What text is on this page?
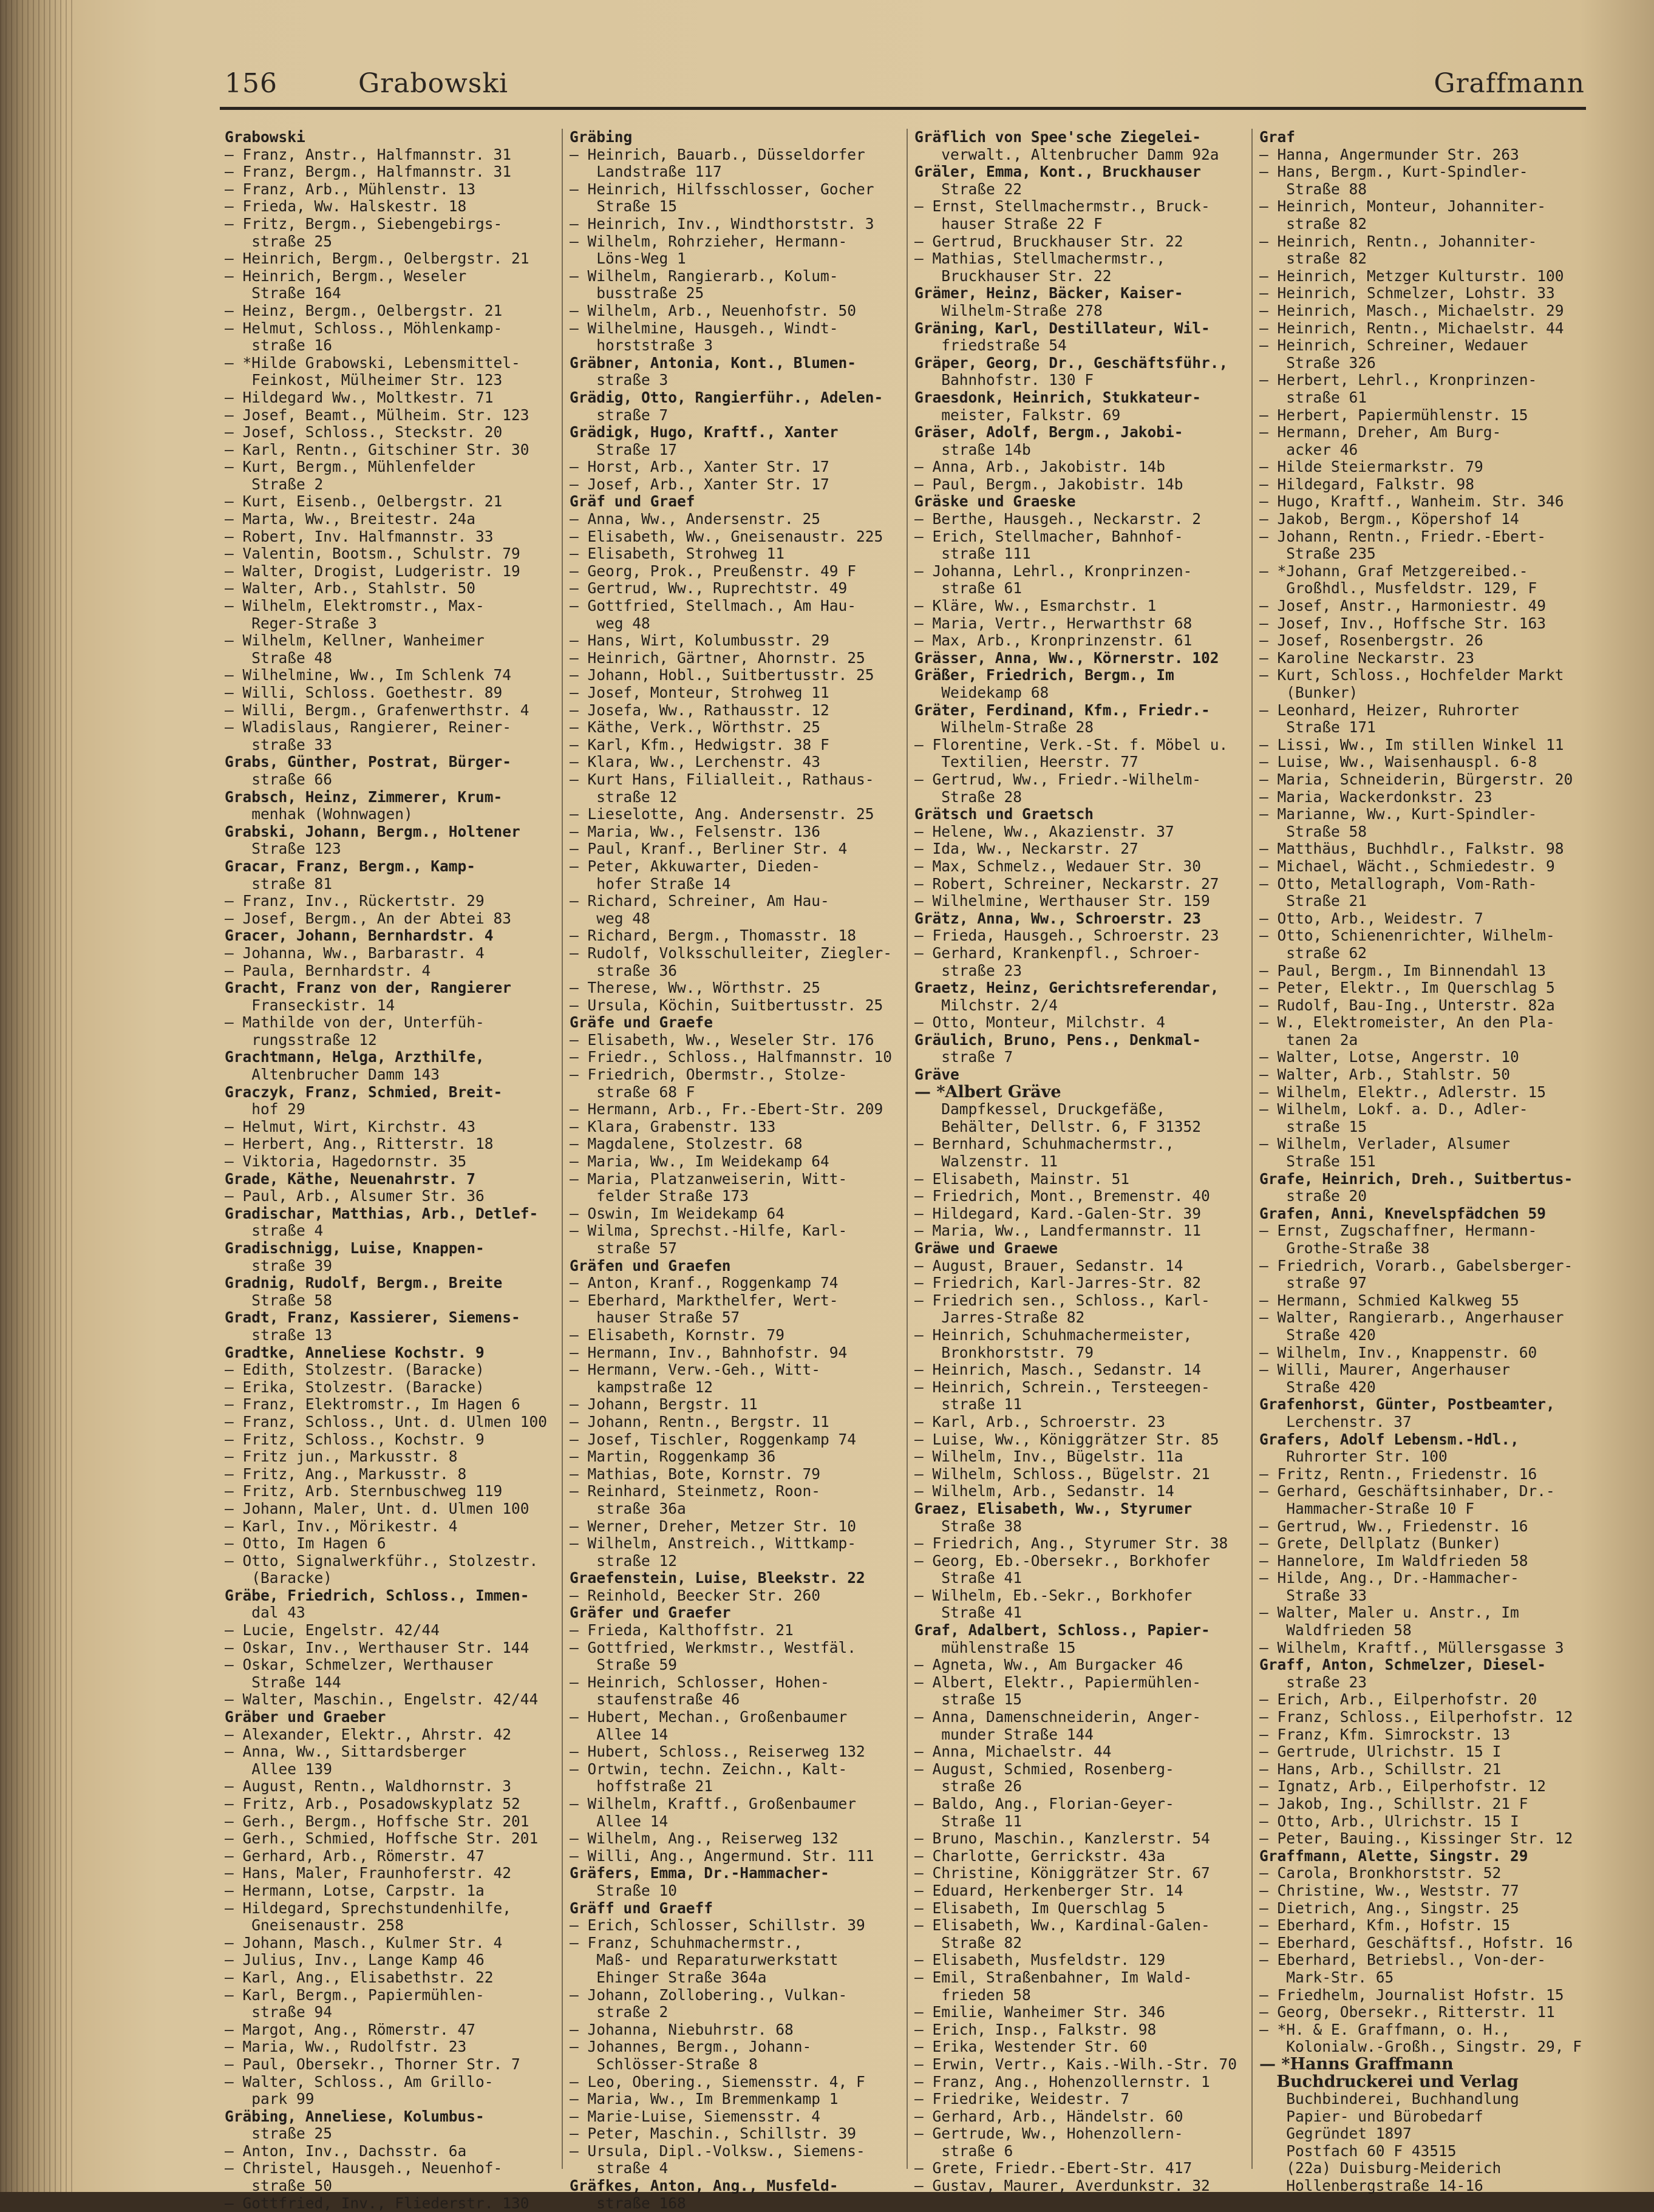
156	Grabowski	Graffmann
Grabowski
— Franz, Anstr., Halfmannstr. 31
— Franz, Bergm., Halfmannstr. 31
— Franz, Arb., Mühlenstr. 13
— Frieda, Ww. Halskestr. 18
— Fritz, Bergm., Siebengebirgs-
straße 25
— Heinrich, Bergm., Oelbergstr. 21
— Heinrich, Bergm., Weseler
Straße 164
— Heinz, Bergm., Oelbergstr. 21
— Helmut, Schloss., Möhlenkamp-
straße 16
— *Hilde Grabowski, Lebensmittel-
Feinkost, Mülheimer Str. 123
— Hildegard Ww., Moltkestr. 71
— Josef, Beamt., Mülheim. Str. 123
— Josef, Schloss., Steckstr. 20
— Karl, Rentn., Gitschiner Str. 30
— Kurt, Bergm., Mühlenfelder
Straße 2
— Kurt, Eisenb., Oelbergstr. 21
— Marta, Ww., Breitestr. 24a
— Robert, Inv. Halfmannstr. 33
— Valentin, Bootsm., Schulstr. 79
— Walter, Drogist, Ludgeristr. 19
— Walter, Arb., Stahlstr. 50
— Wilhelm, Elektromstr., Max-
Reger-Straße 3
— Wilhelm, Kellner, Wanheimer
Straße 48
— Wilhelmine, Ww., Im Schlenk 74
— Willi, Schloss. Goethestr. 89
— Willi, Bergm., Grafenwerthstr. 4
— Wladislaus, Rangierer, Reiner-
straße 33
Grabs, Günther, Postrat, Bürger-
straße 66
Grabsch, Heinz, Zimmerer, Krum-
menhak (Wohnwagen)
Grabski, Johann, Bergm., Holtener
Straße 123
Gracar, Franz, Bergm., Kamp-
straße 81
— Franz, Inv., Rückertstr. 29
— Josef, Bergm., An der Abtei 83
Gracer, Johann, Bernhardstr. 4
— Johanna, Ww., Barbarastr. 4
— Paula, Bernhardstr. 4
Gracht, Franz von der, Rangierer
Franseckistr. 14
— Mathilde von der, Unterfüh-
rungsstraße 12
Grachtmann, Helga, Arzthilfe,
Altenbrucher Damm 143
Graczyk, Franz, Schmied, Breit-
hof 29
— Helmut, Wirt, Kirchstr. 43
— Herbert, Ang., Ritterstr. 18
— Viktoria, Hagedornstr. 35
Grade, Käthe, Neuenahrstr. 7
— Paul, Arb., Alsumer Str. 36
Gradischar, Matthias, Arb., Detlef-
straße 4
Gradischnigg, Luise, Knappen-
straße 39
Gradnig, Rudolf, Bergm., Breite
Straße 58
Gradt, Franz, Kassierer, Siemens-
straße 13
Gradtke, Anneliese Kochstr. 9
— Edith, Stolzestr. (Baracke)
— Erika, Stolzestr. (Baracke)
— Franz, Elektromstr., Im Hagen 6
— Franz, Schloss., Unt. d. Ulmen 100
— Fritz, Schloss., Kochstr. 9
— Fritz jun., Markusstr. 8
— Fritz, Ang., Markusstr. 8
— Fritz, Arb. Sternbuschweg 119
— Johann, Maler, Unt. d. Ulmen 100
— Karl, Inv., Mörikestr. 4
— Otto, Im Hagen 6
— Otto, Signalwerkführ., Stolzestr.
(Baracke)
Gräbe, Friedrich, Schloss., Immen-
dal 43
— Lucie, Engelstr. 42/44
— Oskar, Inv., Werthauser Str. 144
— Oskar, Schmelzer, Werthauser
Straße 144
— Walter, Maschin., Engelstr. 42/44
Gräber und Graeber
— Alexander, Elektr., Ahrstr. 42
— Anna, Ww., Sittardsberger
Allee 139
— August, Rentn., Waldhornstr. 3
— Fritz, Arb., Posadowskyplatz 52
— Gerh., Bergm., Hoffsche Str. 201
— Gerh., Schmied, Hoffsche Str. 201
— Gerhard, Arb., Römerstr. 47
— Hans, Maler, Fraunhoferstr. 42
— Hermann, Lotse, Carpstr. 1a
— Hildegard, Sprechstundenhilfe,
Gneisenaustr. 258
— Johann, Masch., Kulmer Str. 4
— Julius, Inv., Lange Kamp 46
— Karl, Ang., Elisabethstr. 22
— Karl, Bergm., Papiermühlen-
straße 94
— Margot, Ang., Römerstr. 47
— Maria, Ww., Rudolfstr. 23
— Paul, Obersekr., Thorner Str. 7
— Walter, Schloss., Am Grillo-
park 99
Gräbing, Anneliese, Kolumbus-
straße 25
— Anton, Inv., Dachsstr. 6a
— Christel, Hausgeh., Neuenhof-
straße 50
— Gottfried, Inv., Fliederstr. 130
Gräbing
— Heinrich, Bauarb., Düsseldorfer
Landstraße 117
— Heinrich, Hilfsschlosser, Gocher
Straße 15
— Heinrich, Inv., Windthorststr. 3
— Wilhelm, Rohrzieher, Hermann-
Löns-Weg 1
— Wilhelm, Rangierarb., Kolum-
busstraße 25
— Wilhelm, Arb., Neuenhofstr. 50
— Wilhelmine, Hausgeh., Windt-
horststraße 3
Gräbner, Antonia, Kont., Blumen-
straße 3
Grädig, Otto, Rangierführ., Adelen-
straße 7
Grädigk, Hugo, Kraftf., Xanter
Straße 17
— Horst, Arb., Xanter Str. 17
— Josef, Arb., Xanter Str. 17
Gräf und Graef
— Anna, Ww., Andersenstr. 25
— Elisabeth, Ww., Gneisenaustr. 225
— Elisabeth, Strohweg 11
— Georg, Prok., Preußenstr. 49 F
— Gertrud, Ww., Ruprechtstr. 49
— Gottfried, Stellmach., Am Hau-
weg 48
— Hans, Wirt, Kolumbusstr. 29
— Heinrich, Gärtner, Ahornstr. 25
— Johann, Hobl., Suitbertusstr. 25
— Josef, Monteur, Strohweg 11
— Josefa, Ww., Rathausstr. 12
— Käthe, Verk., Wörthstr. 25
— Karl, Kfm., Hedwigstr. 38 F
— Klara, Ww., Lerchenstr. 43
— Kurt Hans, Filialleit., Rathaus-
straße 12
— Lieselotte, Ang. Andersenstr. 25
— Maria, Ww., Felsenstr. 136
— Paul, Kranf., Berliner Str. 4
— Peter, Akkuwarter, Dieden-
hofer Straße 14
— Richard, Schreiner, Am Hau-
weg 48
— Richard, Bergm., Thomasstr. 18
— Rudolf, Volksschulleiter, Ziegler-
straße 36
— Therese, Ww., Wörthstr. 25
— Ursula, Köchin, Suitbertusstr. 25
Gräfe und Graefe
— Elisabeth, Ww., Weseler Str. 176
— Friedr., Schloss., Halfmannstr. 10
— Friedrich, Obermstr., Stolze-
straße 68 F
— Hermann, Arb., Fr.-Ebert-Str. 209
— Klara, Grabenstr. 133
— Magdalene, Stolzestr. 68
— Maria, Ww., Im Weidekamp 64
— Maria, Platzanweiserin, Witt-
felder Straße 173
— Oswin, Im Weidekamp 64
— Wilma, Sprechst.-Hilfe, Karl-
straße 57
Gräfen und Graefen
— Anton, Kranf., Roggenkamp 74
— Eberhard, Markthelfer, Wert-
hauser Straße 57
— Elisabeth, Kornstr. 79
— Hermann, Inv., Bahnhofstr. 94
— Hermann, Verw.-Geh., Witt-
kampstraße 12
— Johann, Bergstr. 11
— Johann, Rentn., Bergstr. 11
— Josef, Tischler, Roggenkamp 74
— Martin, Roggenkamp 36
— Mathias, Bote, Kornstr. 79
— Reinhard, Steinmetz, Roon-
straße 36a
— Werner, Dreher, Metzer Str. 10
— Wilhelm, Anstreich., Wittkamp-
straße 12
Graefenstein, Luise, Bleekstr. 22
— Reinhold, Beecker Str. 260
Gräfer und Graefer
— Frieda, Kalthoffstr. 21
— Gottfried, Werkmstr., Westfäl.
Straße 59
— Heinrich, Schlosser, Hohen-
staufenstraße 46
— Hubert, Mechan., Großenbaumer
Allee 14
— Hubert, Schloss., Reiserweg 132
— Ortwin, techn. Zeichn., Kalt-
hoffstraße 21
— Wilhelm, Kraftf., Großenbaumer
Allee 14
— Wilhelm, Ang., Reiserweg 132
— Willi, Ang., Angermund. Str. 111
Gräfers, Emma, Dr.-Hammacher-
Straße 10
Gräff und Graeff
— Erich, Schlosser, Schillstr. 39
— Franz, Schuhmachermstr.,
Maß- und Reparaturwerkstatt
Ehinger Straße 364a
— Johann, Zollobering., Vulkan-
straße 2
— Johanna, Niebuhrstr. 68
— Johannes, Bergm., Johann-
Schlösser-Straße 8
— Leo, Obering., Siemensstr. 4, F
— Maria, Ww., Im Bremmenkamp 1
— Marie-Luise, Siemensstr. 4
— Peter, Maschin., Schillstr. 39
— Ursula, Dipl.-Volksw., Siemens-
straße 4
Gräfkes, Anton, Ang., Musfeld-
straße 168
Gräflich von Spee'sche Ziegelei-
verwalt., Altenbrucher Damm 92a
Gräler, Emma, Kont., Bruckhauser
Straße 22
— Ernst, Stellmachermstr., Bruck-
hauser Straße 22 F
— Gertrud, Bruckhauser Str. 22
— Mathias, Stellmachermstr.,
Bruckhauser Str. 22
Grämer, Heinz, Bäcker, Kaiser-
Wilhelm-Straße 278
Gräning, Karl, Destillateur, Wil-
friedstraße 54
Gräper, Georg, Dr., Geschäftsführ.,
Bahnhofstr. 130 F
Graesdonk, Heinrich, Stukkateur-
meister, Falkstr. 69
Gräser, Adolf, Bergm., Jakobi-
straße 14b
— Anna, Arb., Jakobistr. 14b
— Paul, Bergm., Jakobistr. 14b
Gräske und Graeske
— Berthe, Hausgeh., Neckarstr. 2
— Erich, Stellmacher, Bahnhof-
straße 111
— Johanna, Lehrl., Kronprinzen-
straße 61
— Kläre, Ww., Esmarchstr. 1
— Maria, Vertr., Herwarthstr 68
— Max, Arb., Kronprinzenstr. 61
Grässer, Anna, Ww., Körnerstr. 102
Gräßer, Friedrich, Bergm., Im
Weidekamp 68
Gräter, Ferdinand, Kfm., Friedr.-
Wilhelm-Straße 28
— Florentine, Verk.-St. f. Möbel u.
Textilien, Heerstr. 77
— Gertrud, Ww., Friedr.-Wilhelm-
Straße 28
Grätsch und Graetsch
— Helene, Ww., Akazienstr. 37
— Ida, Ww., Neckarstr. 27
— Max, Schmelz., Wedauer Str. 30
— Robert, Schreiner, Neckarstr. 27
— Wilhelmine, Werthauser Str. 159
Grätz, Anna, Ww., Schroerstr. 23
— Frieda, Hausgeh., Schroerstr. 23
— Gerhard, Krankenpfl., Schroer-
straße 23
Graetz, Heinz, Gerichtsreferendar,
Milchstr. 2/4
— Otto, Monteur, Milchstr. 4
Gräulich, Bruno, Pens., Denkmal-
straße 7
Gräve
— *Albert Gräve
Dampfkessel, Druckgefäße,
Behälter, Dellstr. 6, F 31352
— Bernhard, Schuhmachermstr.,
Walzenstr. 11
— Elisabeth, Mainstr. 51
— Friedrich, Mont., Bremenstr. 40
— Hildegard, Kard.-Galen-Str. 39
— Maria, Ww., Landfermannstr. 11
Gräwe und Graewe
— August, Brauer, Sedanstr. 14
— Friedrich, Karl-Jarres-Str. 82
— Friedrich sen., Schloss., Karl-
Jarres-Straße 82
— Heinrich, Schuhmachermeister,
Bronkhorststr. 79
— Heinrich, Masch., Sedanstr. 14
— Heinrich, Schrein., Tersteegen-
straße 11
— Karl, Arb., Schroerstr. 23
— Luise, Ww., Königgrätzer Str. 85
— Wilhelm, Inv., Bügelstr. 11a
— Wilhelm, Schloss., Bügelstr. 21
— Wilhelm, Arb., Sedanstr. 14
Graez, Elisabeth, Ww., Styrumer
Straße 38
— Friedrich, Ang., Styrumer Str. 38
— Georg, Eb.-Obersekr., Borkhofer
Straße 41
— Wilhelm, Eb.-Sekr., Borkhofer
Straße 41
Graf, Adalbert, Schloss., Papier-
mühlenstraße 15
— Agneta, Ww., Am Burgacker 46
— Albert, Elektr., Papiermühlen-
straße 15
— Anna, Damenschneiderin, Anger-
munder Straße 144
— Anna, Michaelstr. 44
— August, Schmied, Rosenberg-
straße 26
— Baldo, Ang., Florian-Geyer-
Straße 11
— Bruno, Maschin., Kanzlerstr. 54
— Charlotte, Gerrickstr. 43a
— Christine, Königgrätzer Str. 67
— Eduard, Herkenberger Str. 14
— Elisabeth, Im Querschlag 5
— Elisabeth, Ww., Kardinal-Galen-
Straße 82
— Elisabeth, Musfeldstr. 129
— Emil, Straßenbahner, Im Wald-
frieden 58
— Emilie, Wanheimer Str. 346
— Erich, Insp., Falkstr. 98
— Erika, Westender Str. 60
— Erwin, Vertr., Kais.-Wilh.-Str. 70
— Franz, Ang., Hohenzollernstr. 1
— Friedrike, Weidestr. 7
— Gerhard, Arb., Händelstr. 60
— Gertrude, Ww., Hohenzollern-
straße 6
— Grete, Friedr.-Ebert-Str. 417
— Gustav, Maurer, Averdunkstr. 32
Graf
— Hanna, Angermunder Str. 263
— Hans, Bergm., Kurt-Spindler-
Straße 88
— Heinrich, Monteur, Johanniter-
straße 82
— Heinrich, Rentn., Johanniter-
straße 82
— Heinrich, Metzger Kulturstr. 100
— Heinrich, Schmelzer, Lohstr. 33
— Heinrich, Masch., Michaelstr. 29
— Heinrich, Rentn., Michaelstr. 44
— Heinrich, Schreiner, Wedauer
Straße 326
— Herbert, Lehrl., Kronprinzen-
straße 61
— Herbert, Papiermühlenstr. 15
— Hermann, Dreher, Am Burg-
acker 46
— Hilde Steiermarkstr. 79
— Hildegard, Falkstr. 98
— Hugo, Kraftf., Wanheim. Str. 346
— Jakob, Bergm., Köpershof 14
— Johann, Rentn., Friedr.-Ebert-
Straße 235
— *Johann, Graf Metzgereibed.-
Großhdl., Musfeldstr. 129, F
— Josef, Anstr., Harmoniestr. 49
— Josef, Inv., Hoffsche Str. 163
— Josef, Rosenbergstr. 26
— Karoline Neckarstr. 23
— Kurt, Schloss., Hochfelder Markt
(Bunker)
— Leonhard, Heizer, Ruhrorter
Straße 171
— Lissi, Ww., Im stillen Winkel 11
— Luise, Ww., Waisenhauspl. 6-8
— Maria, Schneiderin, Bürgerstr. 20
— Maria, Wackerdonkstr. 23
— Marianne, Ww., Kurt-Spindler-
Straße 58
— Matthäus, Buchhdlr., Falkstr. 98
— Michael, Wächt., Schmiedestr. 9
— Otto, Metallograph, Vom-Rath-
Straße 21
— Otto, Arb., Weidestr. 7
— Otto, Schienenrichter, Wilhelm-
straße 62
— Paul, Bergm., Im Binnendahl 13
— Peter, Elektr., Im Querschlag 5
— Rudolf, Bau-Ing., Unterstr. 82a
— W., Elektromeister, An den Pla-
tanen 2a
— Walter, Lotse, Angerstr. 10
— Walter, Arb., Stahlstr. 50
— Wilhelm, Elektr., Adlerstr. 15
— Wilhelm, Lokf. a. D., Adler-
straße 15
— Wilhelm, Verlader, Alsumer
Straße 151
Grafe, Heinrich, Dreh., Suitbertus-
straße 20
Grafen, Anni, Knevelspfädchen 59
— Ernst, Zugschaffner, Hermann-
Grothe-Straße 38
— Friedrich, Vorarb., Gabelsberger-
straße 97
— Hermann, Schmied Kalkweg 55
— Walter, Rangierarb., Angerhauser
Straße 420
— Wilhelm, Inv., Knappenstr. 60
— Willi, Maurer, Angerhauser
Straße 420
Grafenhorst, Günter, Postbeamter,
Lerchenstr. 37
Grafers, Adolf Lebensm.-Hdl.,
Ruhrorter Str. 100
— Fritz, Rentn., Friedenstr. 16
— Gerhard, Geschäftsinhaber, Dr.-
Hammacher-Straße 10 F
— Gertrud, Ww., Friedenstr. 16
— Grete, Dellplatz (Bunker)
— Hannelore, Im Waldfrieden 58
— Hilde, Ang., Dr.-Hammacher-
Straße 33
— Walter, Maler u. Anstr., Im
Waldfrieden 58
— Wilhelm, Kraftf., Müllersgasse 3
Graff, Anton, Schmelzer, Diesel-
straße 23
— Erich, Arb., Eilperhofstr. 20
— Franz, Schloss., Eilperhofstr. 12
— Franz, Kfm. Simrockstr. 13
— Gertrude, Ulrichstr. 15 I
— Hans, Arb., Schillstr. 21
— Ignatz, Arb., Eilperhofstr. 12
— Jakob, Ing., Schillstr. 21 F
— Otto, Arb., Ulrichstr. 15 I
— Peter, Bauing., Kissinger Str. 12
Graffmann, Alette, Singstr. 29
— Carola, Bronkhorststr. 52
— Christine, Ww., Weststr. 77
— Dietrich, Ang., Singstr. 25
— Eberhard, Kfm., Hofstr. 15
— Eberhard, Geschäftsf., Hofstr. 16
— Eberhard, Betriebsl., Von-der-
Mark-Str. 65
— Friedhelm, Journalist Hofstr. 15
— Georg, Obersekr., Ritterstr. 11
— *H. & E. Graffmann, o. H.,
Kolonialw.-Großh., Singstr. 29, F
— *Hanns Graffmann
Buchdruckerei und Verlag
Buchbinderei, Buchhandlung
Papier- und Bürobedarf
Gegründet 1897
Postfach 60 F 43515
(22a) Duisburg-Meiderich
Hollenbergstraße 14-16
